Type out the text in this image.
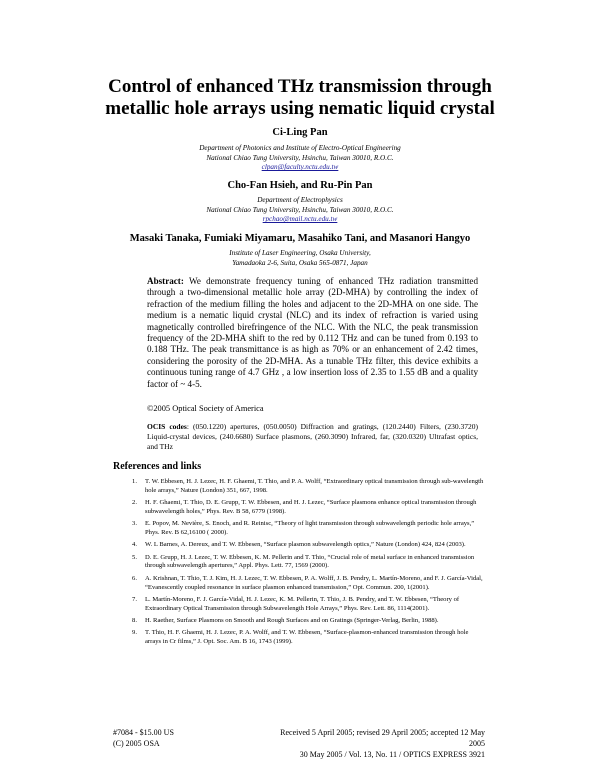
Control of enhanced THz transmission through metallic hole arrays using nematic liquid crystal
Ci-Ling Pan
Department of Photonics and Institute of Electro-Optical Engineering
National Chiao Tung University, Hsinchu, Taiwan 30010, R.O.C.
clpan@faculty.nctu.edu.tw
Cho-Fan Hsieh, and Ru-Pin Pan
Department of Electrophysics
National Chiao Tung University, Hsinchu, Taiwan 30010, R.O.C.
rpchao@mail.nctu.edu.tw
Masaki Tanaka, Fumiaki Miyamaru, Masahiko Tani, and Masanori Hangyo
Institute of Laser Engineering, Osaka University,
Yamadaoka 2-6, Suita, Osaka 565-0871, Japan
Abstract: We demonstrate frequency tuning of enhanced THz radiation transmitted through a two-dimensional metallic hole array (2D-MHA) by controlling the index of refraction of the medium filling the holes and adjacent to the 2D-MHA on one side. The medium is a nematic liquid crystal (NLC) and its index of refraction is varied using magnetically controlled birefringence of the NLC. With the NLC, the peak transmission frequency of the 2D-MHA shift to the red by 0.112 THz and can be tuned from 0.193 to 0.188 THz. The peak transmittance is as high as 70% or an enhancement of 2.42 times, considering the porosity of the 2D-MHA. As a tunable THz filter, this device exhibits a continuous tuning range of 4.7 GHz , a low insertion loss of 2.35 to 1.55 dB and a quality factor of ~ 4-5.
©2005 Optical Society of America
OCIS codes: (050.1220) apertures, (050.0050) Diffraction and gratings, (120.2440) Filters, (230.3720) Liquid-crystal devices, (240.6680) Surface plasmons, (260.3090) Infrared, far, (320.0320) Ultrafast optics, and THz
References and links
1. T. W. Ebbesen, H. J. Lezec, H. F. Ghaemi, T. Thio, and P. A. Wolff, “Extraordinary optical transmission through sub-wavelength hole arrays,” Nature (London) 351, 667, 1998.
2. H. F. Ghaemi, T. Thio, D. E. Grupp, T. W. Ebbesen, and H. J. Lezec, “Surface plasmons enhance optical transmission through subwavelength holes,” Phys. Rev. B 58, 6779 (1998).
3. E. Popov, M. Nevière, S. Enoch, and R. Reinisc, “Theory of light transmission through subwavelength periodic hole arrays,” Phys. Rev. B 62,16100 ( 2000).
4. W. L Barnes, A. Dereux, and T. W. Ebbesen, “Surface plasmon subwavelength optics,” Nature (London) 424, 824 (2003).
5. D. E. Grupp, H. J. Lezec, T. W. Ebbesen, K. M. Pellerin and T. Thio, “Crucial role of metal surface in enhanced transmission through subwavelength apertures,” Appl. Phys. Lett. 77, 1569 (2000).
6. A. Krishnan, T. Thio, T. J. Kim, H. J. Lezec, T. W. Ebbesen, P. A. Wolff, J. B. Pendry, L. Martín-Moreno, and F. J. García-Vidal, “Evanescently coupled resonance in surface plasmon enhanced transmission,” Opt. Commun. 200, 1(2001).
7. L. Martín-Moreno, F. J. García-Vidal, H. J. Lezec, K. M. Pellerin, T. Thio, J. B. Pendry, and T. W. Ebbesen, “Theory of Extraordinary Optical Transmission through Subwavelength Hole Arrays,” Phys. Rev. Lett. 86, 1114(2001).
8. H. Raether, Surface Plasmons on Smooth and Rough Surfaces and on Gratings (Springer-Verlag, Berlin, 1988).
9. T. Thio, H. F. Ghaemi, H. J. Lezec, P. A. Wolff, and T. W. Ebbesen, “Surface-plasmon-enhanced transmission through hole arrays in Cr films,” J. Opt. Soc. Am. B 16, 1743 (1999).
#7084 - $15.00 US
(C) 2005 OSA
Received 5 April 2005; revised 29 April 2005; accepted 12 May 2005
30 May 2005 / Vol. 13, No. 11 / OPTICS EXPRESS 3921
